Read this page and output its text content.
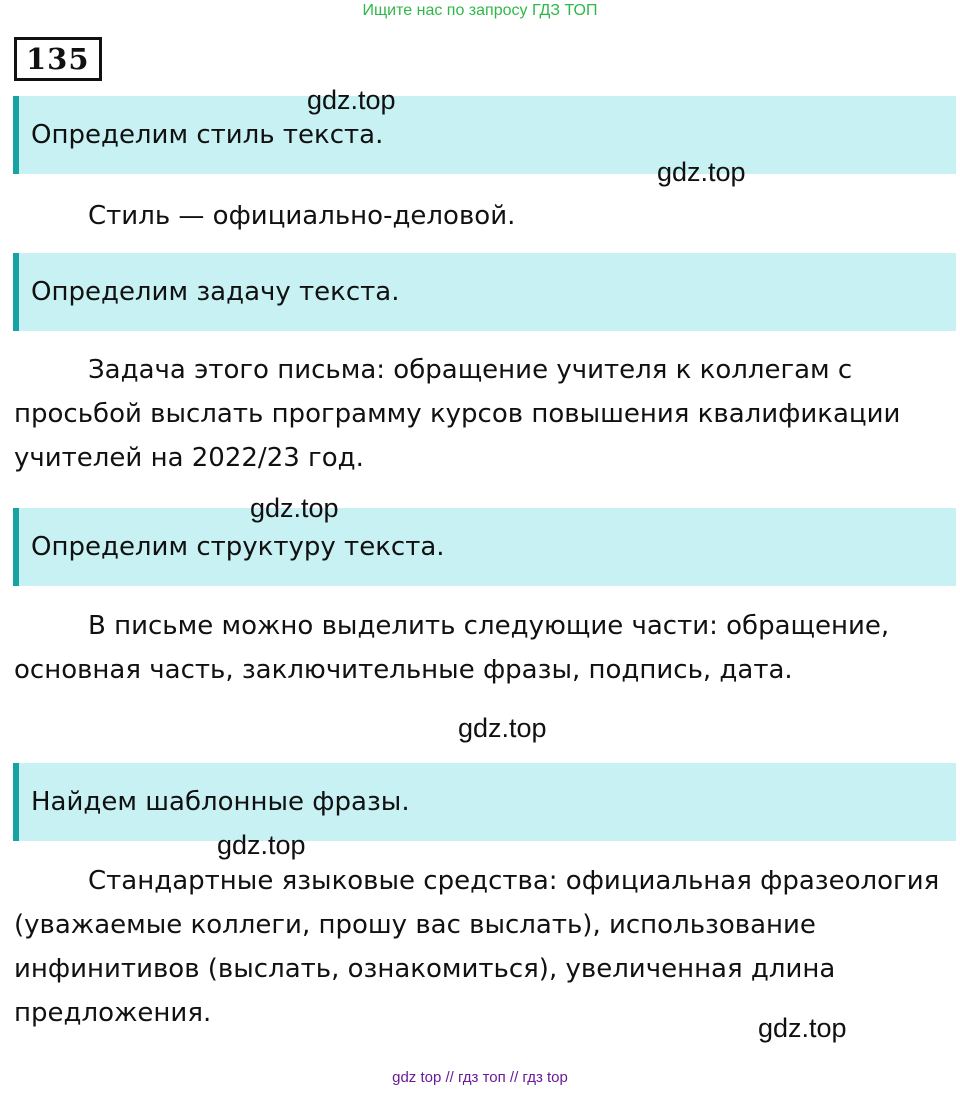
Ищите нас по запросу ГДЗ ТОП
135
Определим стиль текста.

Стиль — официально-деловой.

Определим задачу текста.

Задача этого письма: обращение учителя к коллегам с просьбой выслать программу курсов повышения квалификации учителей на 2022/23 год.

Определим структуру текста.

В письме можно выделить следующие части: обращение, основная часть, заключительные фразы, подпись, дата.

Найдем шаблонные фразы.

Стандартные языковые средства: официальная фразеология (уважаемые коллеги, прошу вас выслать), использование инфинитивов (выслать, ознакомиться), увеличенная длина предложения.

gdz.top
gdz.top
gdz.top
gdz.top
gdz.top
gdz.top
gdz top // гдз топ // гдз top
